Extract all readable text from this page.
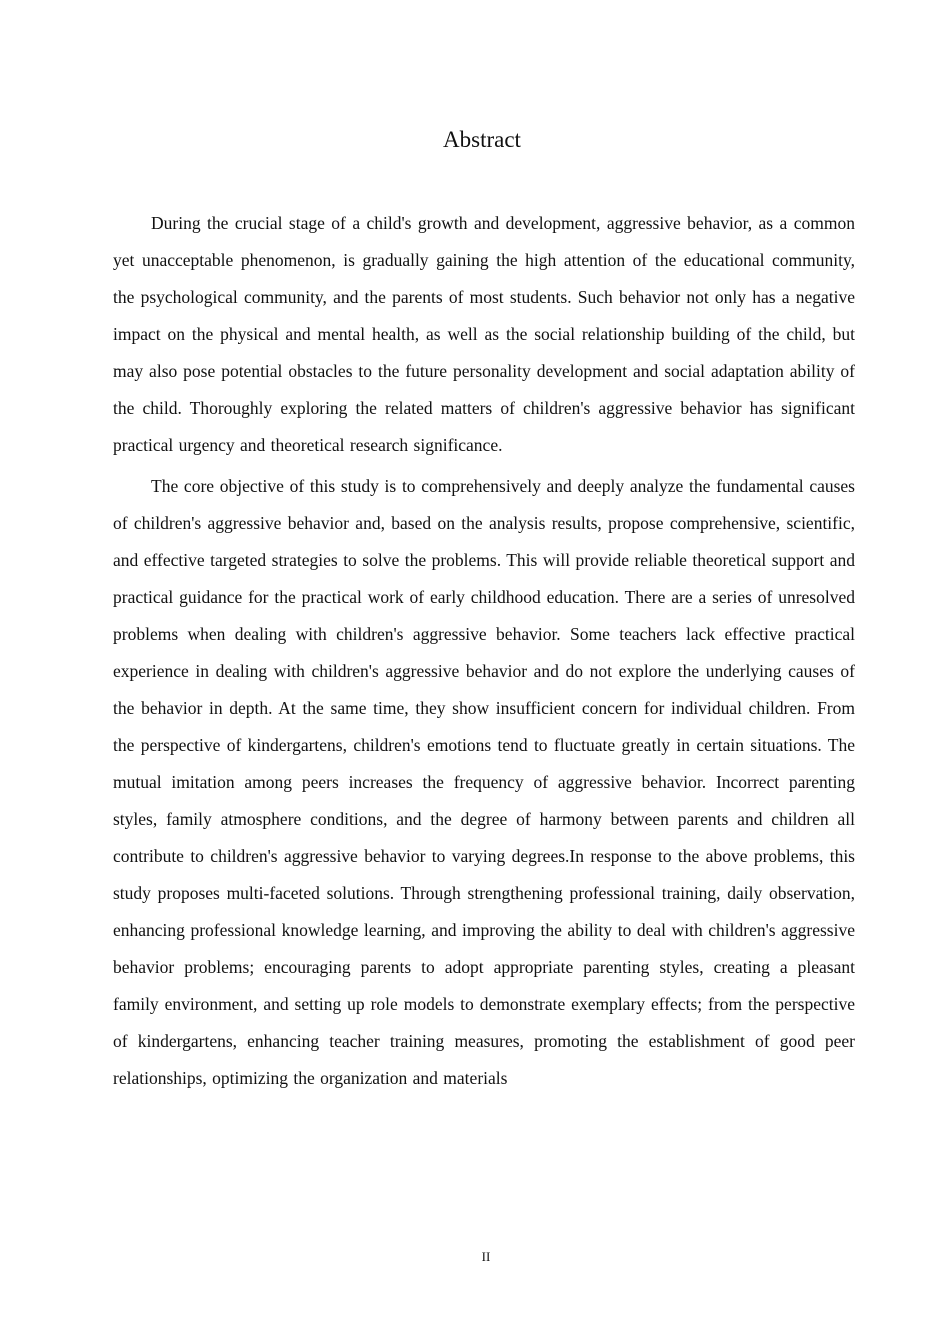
Abstract

During the crucial stage of a child's growth and development, aggressive behavior, as a common yet unacceptable phenomenon, is gradually gaining the high attention of the educational community, the psychological community, and the parents of most students. Such behavior not only has a negative impact on the physical and mental health, as well as the social relationship building of the child, but may also pose potential obstacles to the future personality development and social adaptation ability of the child. Thoroughly exploring the related matters of children's aggressive behavior has significant practical urgency and theoretical research significance.

The core objective of this study is to comprehensively and deeply analyze the fundamental causes of children's aggressive behavior and, based on the analysis results, propose comprehensive, scientific, and effective targeted strategies to solve the problems. This will provide reliable theoretical support and practical guidance for the practical work of early childhood education. There are a series of unresolved problems when dealing with children's aggressive behavior. Some teachers lack effective practical experience in dealing with children's aggressive behavior and do not explore the underlying causes of the behavior in depth. At the same time, they show insufficient concern for individual children. From the perspective of kindergartens, children's emotions tend to fluctuate greatly in certain situations. The mutual imitation among peers increases the frequency of aggressive behavior. Incorrect parenting styles, family atmosphere conditions, and the degree of harmony between parents and children all contribute to children's aggressive behavior to varying degrees.In response to the above problems, this study proposes multi-faceted solutions. Through strengthening professional training, daily observation, enhancing professional knowledge learning, and improving the ability to deal with children's aggressive behavior problems; encouraging parents to adopt appropriate parenting styles, creating a pleasant family environment, and setting up role models to demonstrate exemplary effects; from the perspective of kindergartens, enhancing teacher training measures, promoting the establishment of good peer relationships, optimizing the organization and materials

II
